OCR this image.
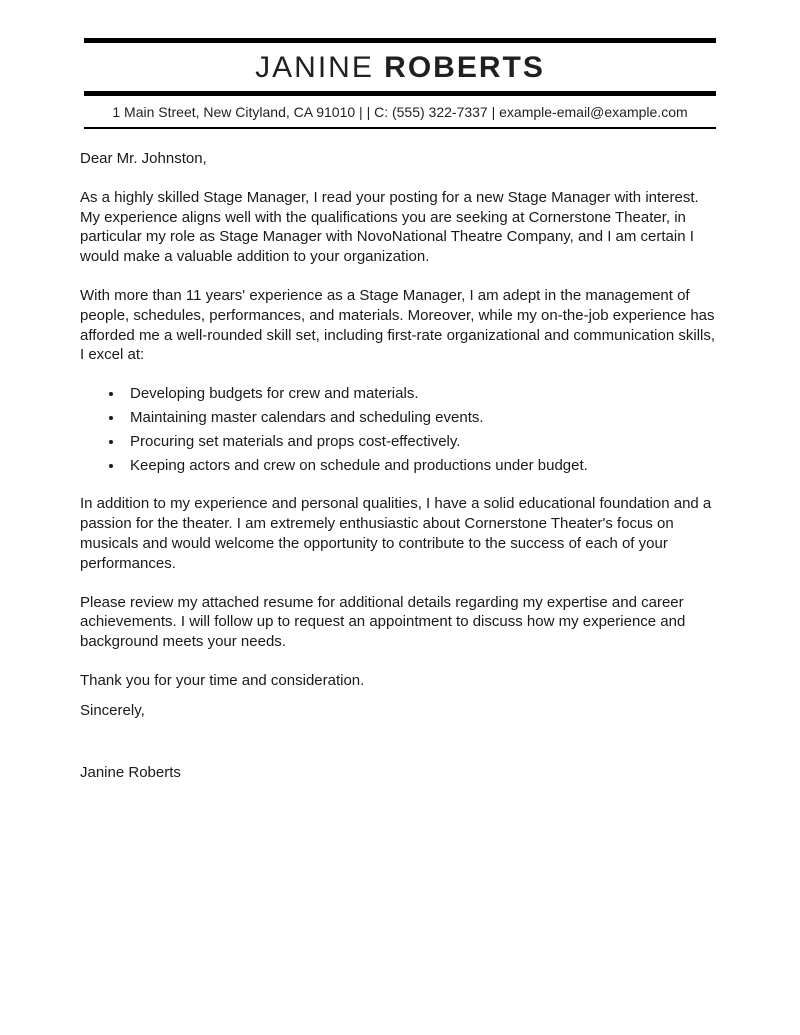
JANINE ROBERTS
1 Main Street, New Cityland, CA 91010 | | C: (555) 322-7337 | example-email@example.com
Dear Mr. Johnston,
As a highly skilled Stage Manager, I read your posting for a new Stage Manager with interest. My experience aligns well with the qualifications you are seeking at Cornerstone Theater, in particular my role as Stage Manager with NovoNational Theatre Company, and I am certain I would make a valuable addition to your organization.
With more than 11 years' experience as a Stage Manager, I am adept in the management of people, schedules, performances, and materials. Moreover, while my on-the-job experience has afforded me a well-rounded skill set, including first-rate organizational and communication skills, I excel at:
• Developing budgets for crew and materials.
• Maintaining master calendars and scheduling events.
• Procuring set materials and props cost-effectively.
• Keeping actors and crew on schedule and productions under budget.
In addition to my experience and personal qualities, I have a solid educational foundation and a passion for the theater. I am extremely enthusiastic about Cornerstone Theater's focus on musicals and would welcome the opportunity to contribute to the success of each of your performances.
Please review my attached resume for additional details regarding my expertise and career achievements. I will follow up to request an appointment to discuss how my experience and background meets your needs.
Thank you for your time and consideration.
Sincerely,
Janine Roberts
